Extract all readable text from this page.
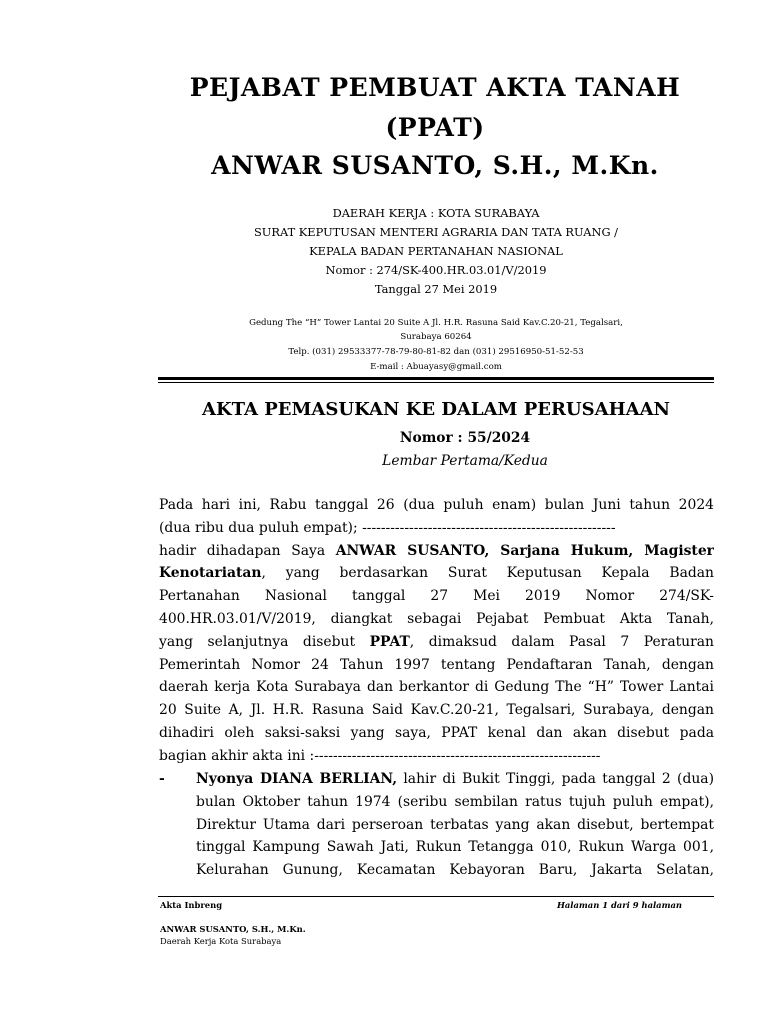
PEJABAT PEMBUAT AKTA TANAH
(PPAT)
ANWAR SUSANTO, S.H., M.Kn.
DAERAH KERJA : KOTA SURABAYA
SURAT KEPUTUSAN MENTERI AGRARIA DAN TATA RUANG /
KEPALA BADAN PERTANAHAN NASIONAL
Nomor : 274/SK-400.HR.03.01/V/2019
Tanggal 27 Mei 2019
Gedung The “H” Tower Lantai 20 Suite A Jl. H.R. Rasuna Said Kav.C.20-21, Tegalsari,
Surabaya 60264
Telp. (031) 29533377-78-79-80-81-82 dan (031) 29516950-51-52-53
E-mail : Abuayasy@gmail.com
AKTA PEMASUKAN KE DALAM PERUSAHAAN
Nomor : 55/2024
Lembar Pertama/Kedua
Pada hari ini, Rabu tanggal 26 (dua puluh enam) bulan Juni tahun 2024
(dua ribu dua puluh empat); ------------------------------------------------------
hadir dihadapan Saya ANWAR SUSANTO, Sarjana Hukum, Magister
Kenotariatan, yang berdasarkan Surat Keputusan Kepala Badan
Pertanahan Nasional tanggal 27 Mei 2019 Nomor 274/SK-
400.HR.03.01/V/2019, diangkat sebagai Pejabat Pembuat Akta Tanah,
yang selanjutnya disebut PPAT, dimaksud dalam Pasal 7 Peraturan
Pemerintah Nomor 24 Tahun 1997 tentang Pendaftaran Tanah, dengan
daerah kerja Kota Surabaya dan berkantor di Gedung The “H” Tower Lantai
20 Suite A, Jl. H.R. Rasuna Said Kav.C.20-21, Tegalsari, Surabaya, dengan
dihadiri oleh saksi-saksi yang saya, PPAT kenal dan akan disebut pada
bagian akhir akta ini :-------------------------------------------------------------
- Nyonya DIANA BERLIAN, lahir di Bukit Tinggi, pada tanggal 2 (dua)
bulan Oktober tahun 1974 (seribu sembilan ratus tujuh puluh empat),
Direktur Utama dari perseroan terbatas yang akan disebut, bertempat
tinggal Kampung Sawah Jati, Rukun Tetangga 010, Rukun Warga 001,
Kelurahan Gunung, Kecamatan Kebayoran Baru, Jakarta Selatan,
Akta Inbreng	Halaman 1 dari 9 halaman
ANWAR SUSANTO, S.H., M.Kn.
Daerah Kerja Kota Surabaya
